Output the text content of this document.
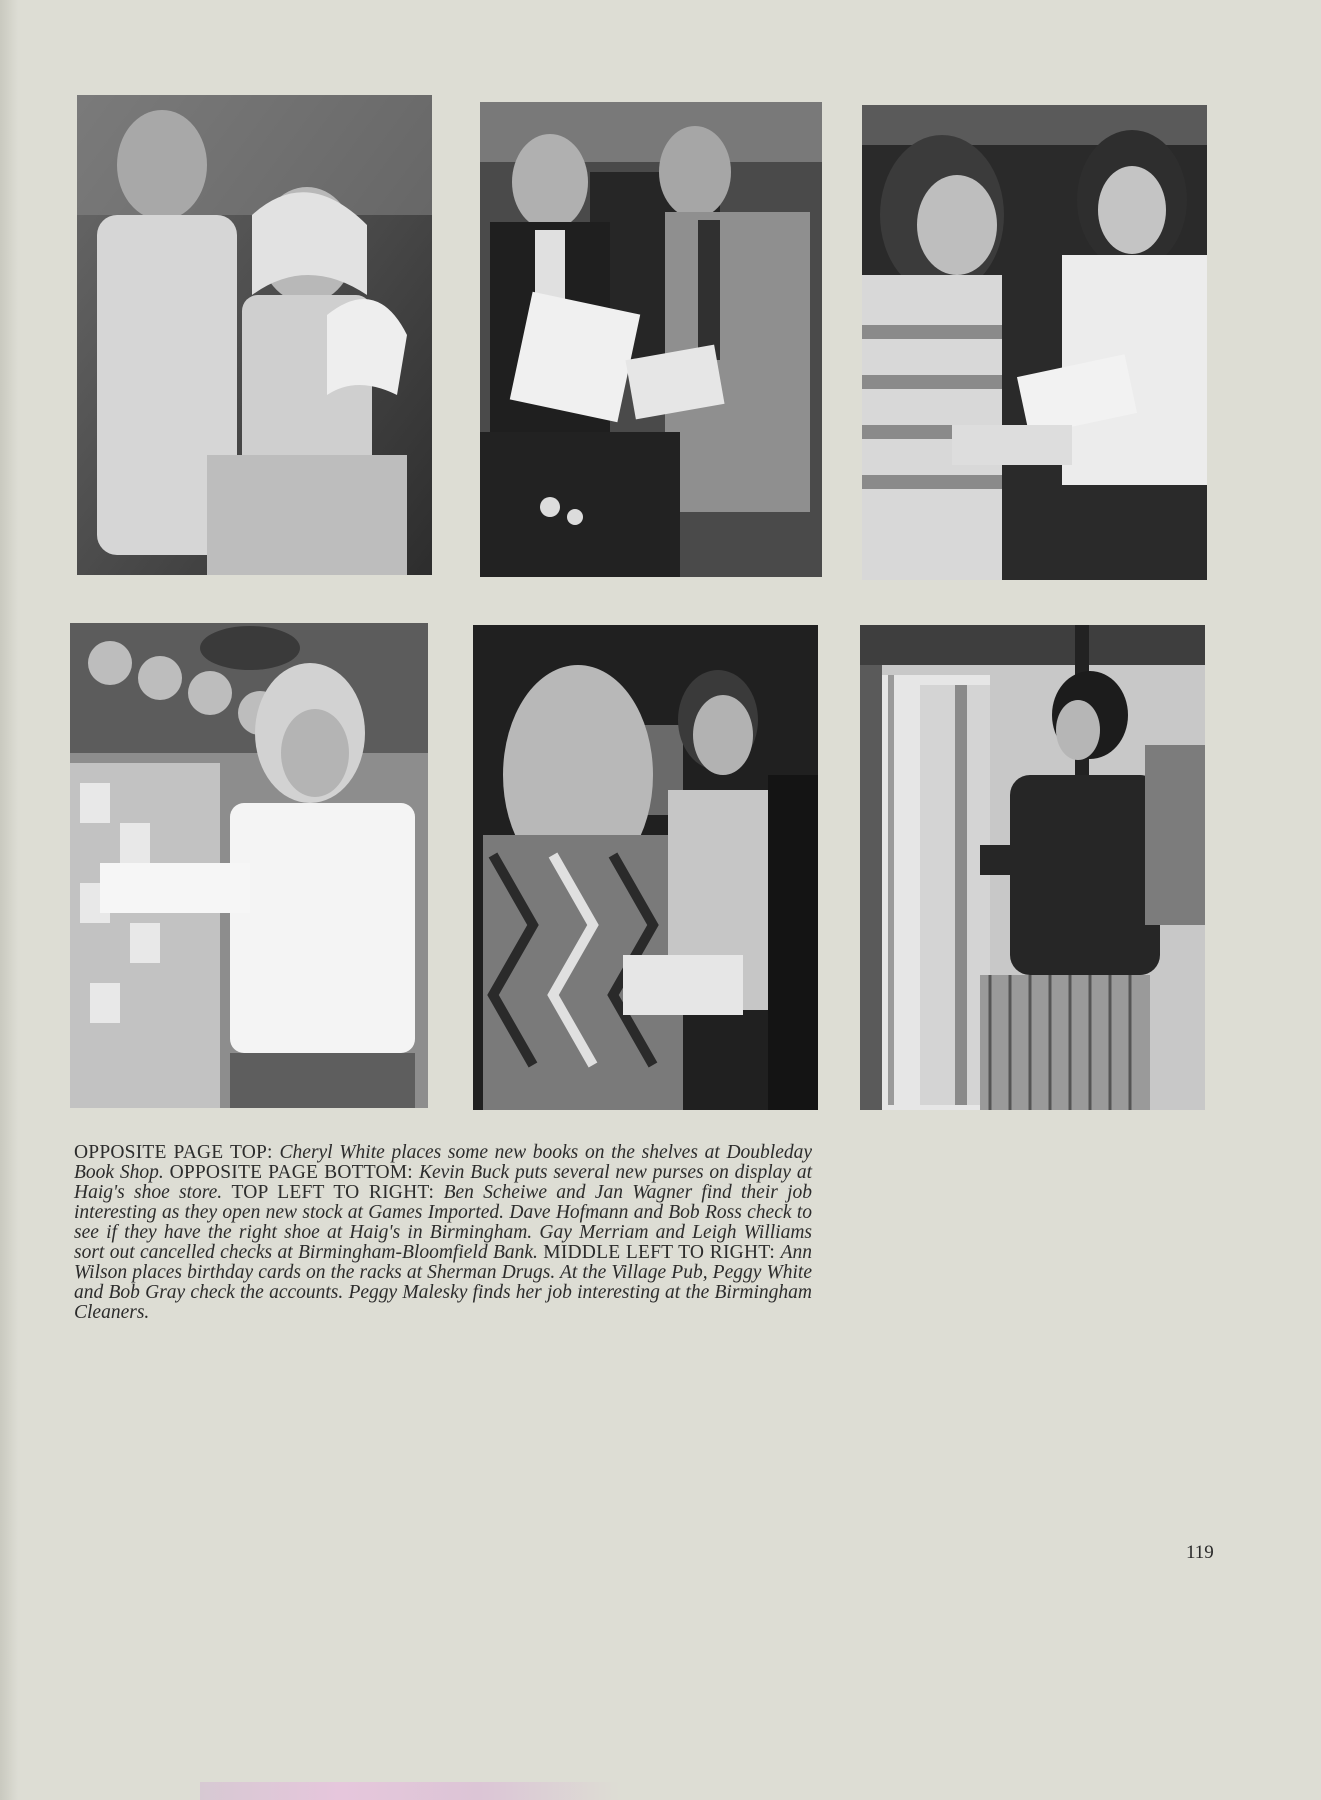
OPPOSITE PAGE TOP: Cheryl White places some new books on the shelves at Doubleday Book Shop. OPPOSITE PAGE BOTTOM: Kevin Buck puts several new purses on display at Haig's shoe store. TOP LEFT TO RIGHT: Ben Scheiwe and Jan Wagner find their job interesting as they open new stock at Games Imported. Dave Hofmann and Bob Ross check to see if they have the right shoe at Haig's in Birmingham. Gay Merriam and Leigh Williams sort out cancelled checks at Birmingham-Bloomfield Bank. MIDDLE LEFT TO RIGHT: Ann Wilson places birthday cards on the racks at Sherman Drugs. At the Village Pub, Peggy White and Bob Gray check the accounts. Peggy Malesky finds her job interesting at the Birmingham Cleaners.
119
